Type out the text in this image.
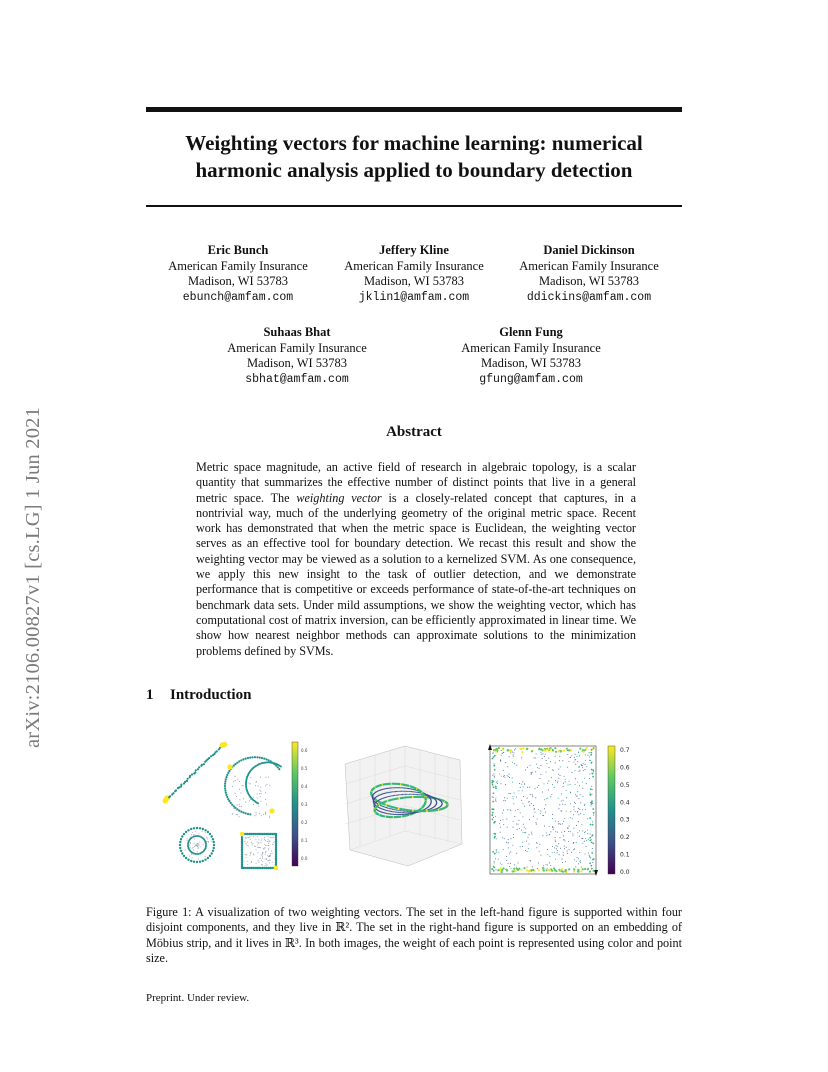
Weighting vectors for machine learning: numerical harmonic analysis applied to boundary detection
arXiv:2106.00827v1 [cs.LG] 1 Jun 2021
Eric Bunch
American Family Insurance
Madison, WI 53783
ebunch@amfam.com
Jeffery Kline
American Family Insurance
Madison, WI 53783
jklin1@amfam.com
Daniel Dickinson
American Family Insurance
Madison, WI 53783
ddickins@amfam.com
Suhaas Bhat
American Family Insurance
Madison, WI 53783
sbhat@amfam.com
Glenn Fung
American Family Insurance
Madison, WI 53783
gfung@amfam.com
Abstract

Metric space magnitude, an active field of research in algebraic topology, is a scalar quantity that summarizes the effective number of distinct points that live in a general metric space. The weighting vector is a closely-related concept that captures, in a nontrivial way, much of the underlying geometry of the original metric space. Recent work has demonstrated that when the metric space is Euclidean, the weighting vector serves as an effective tool for boundary detection. We recast this result and show the weighting vector may be viewed as a solution to a kernelized SVM. As one consequence, we apply this new insight to the task of outlier detection, and we demonstrate performance that is competitive or exceeds performance of state-of-the-art techniques on benchmark data sets. Under mild assumptions, we show the weighting vector, which has computational cost of matrix inversion, can be efficiently approximated in linear time. We show how nearest neighbor methods can approximate solutions to the minimization problems defined by SVMs.

1 Introduction
0.6
0.5
0.4
0.3
0.2
0.1
0.0
0.7
0.6
0.5
0.4
0.3
0.2
0.1
0.0

Figure 1: A visualization of two weighting vectors. The set in the left-hand figure is supported within four disjoint components, and they live in ℝ². The set in the right-hand figure is supported on an embedding of Möbius strip, and it lives in ℝ³. In both images, the weight of each point is represented using color and point size.

Preprint. Under review.
